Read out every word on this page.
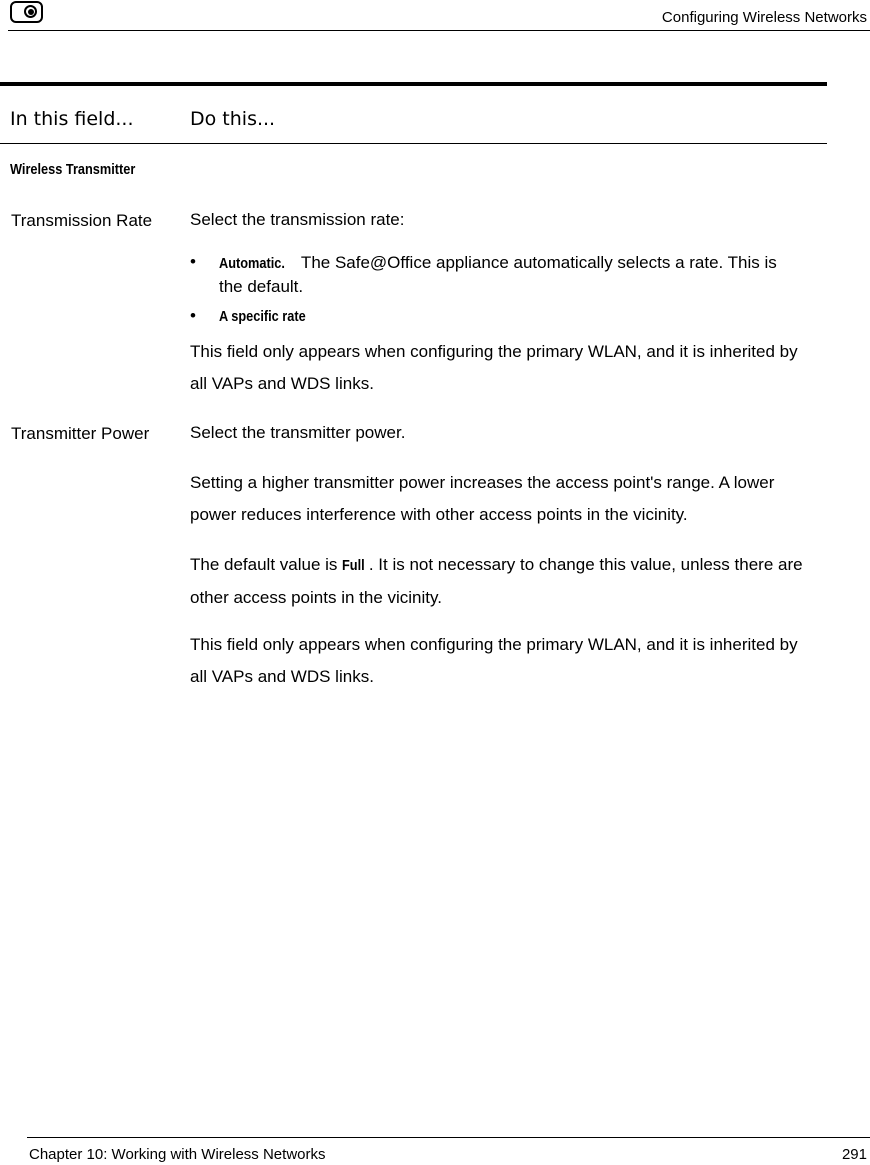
Configuring Wireless Networks
In this field...	Do this...
Wireless Transmitter
Transmission Rate Select the transmission rate:
• Automatic. The Safe@Office appliance automatically selects a rate. This is the default.
• A specific rate
This field only appears when configuring the primary WLAN, and it is inherited by all VAPs and WDS links.
Transmitter Power Select the transmitter power.
Setting a higher transmitter power increases the access point's range. A lower power reduces interference with other access points in the vicinity.
The default value is Full . It is not necessary to change this value, unless there are other access points in the vicinity.
This field only appears when configuring the primary WLAN, and it is inherited by all VAPs and WDS links.
Chapter 10: Working with Wireless Networks	291
